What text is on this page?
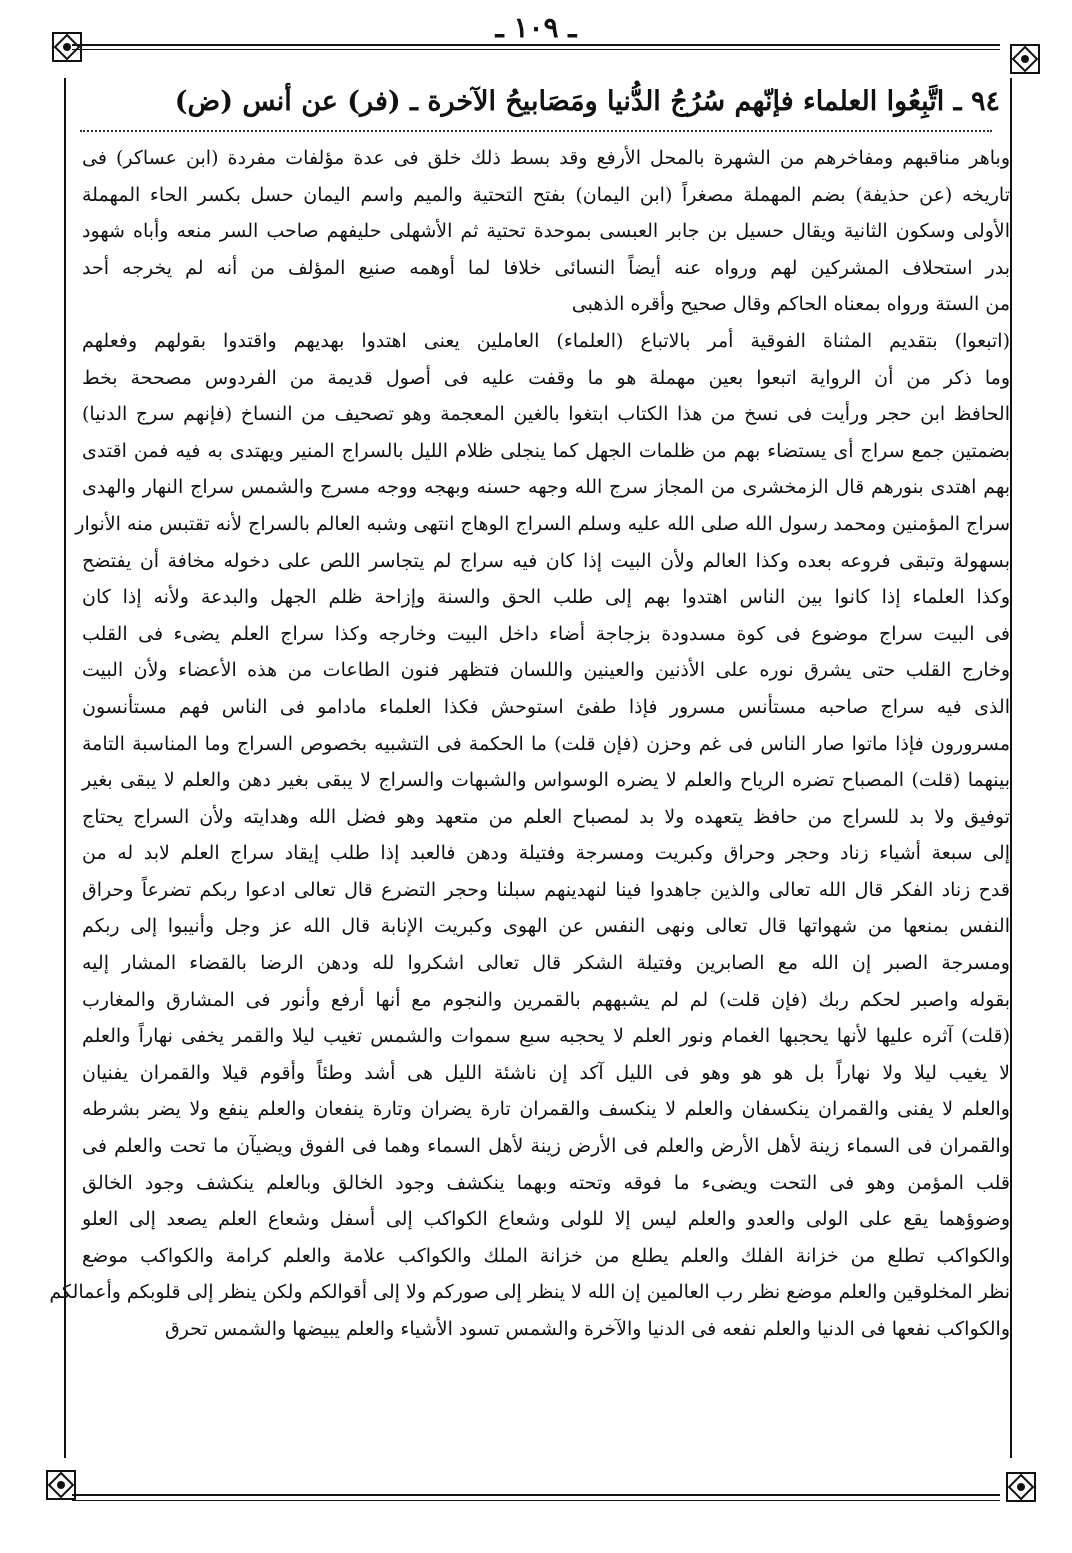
ـ ١٠٩ ـ
٩٤ ـ اتَّبِعُوا العلماء فإنّهم سُرُجُ الدُّنيا ومَصَابيحُ الآخرة ـ (فر) عن أنس (ض)
وباهر مناقبهم ومفاخرهم من الشهرة بالمحل الأرفع وقد بسط ذلك خلق فى عدة مؤلفات مفردة (ابن عساكر) فى
تاريخه (عن حذيفة) بضم المهملة مصغراً (ابن اليمان) بفتح التحتية والميم واسم اليمان حسل بكسر الحاء المهملة
الأولى وسكون الثانية ويقال حسيل بن جابر العبسى بموحدة تحتية ثم الأشهلى حليفهم صاحب السر منعه وأباه شهود
بدر استحلاف المشركين لهم ورواه عنه أيضاً النسائى خلافا لما أوهمه صنيع المؤلف من أنه لم يخرجه أحد
من الستة ورواه بمعناه الحاكم وقال صحيح وأقره الذهبى
(اتبعوا) بتقديم المثناة الفوقية أمر بالاتباع (العلماء) العاملين يعنى اهتدوا بهديهم واقتدوا بقولهم وفعلهم
وما ذكر من أن الرواية اتبعوا بعين مهملة هو ما وقفت عليه فى أصول قديمة من الفردوس مصححة بخط
الحافظ ابن حجر ورأيت فى نسخ من هذا الكتاب ابتغوا بالغين المعجمة وهو تصحيف من النساخ (فإنهم سرج الدنيا)
بضمتين جمع سراج أى يستضاء بهم من ظلمات الجهل كما ينجلى ظلام الليل بالسراج المنير ويهتدى به فيه فمن اقتدى
بهم اهتدى بنورهم قال الزمخشرى من المجاز سرج الله وجهه حسنه وبهجه ووجه مسرج والشمس سراج النهار والهدى
سراج المؤمنين ومحمد رسول الله صلى الله عليه وسلم السراج الوهاج انتهى وشبه العالم بالسراج لأنه تقتبس منه الأنوار
بسهولة وتبقى فروعه بعده وكذا العالم ولأن البيت إذا كان فيه سراج لم يتجاسر اللص على دخوله مخافة أن يفتضح
وكذا العلماء إذا كانوا بين الناس اهتدوا بهم إلى طلب الحق والسنة وإزاحة ظلم الجهل والبدعة ولأنه إذا كان
فى البيت سراج موضوع فى كوة مسدودة بزجاجة أضاء داخل البيت وخارجه وكذا سراج العلم يضىء فى القلب
وخارج القلب حتى يشرق نوره على الأذنين والعينين واللسان فتظهر فنون الطاعات من هذه الأعضاء ولأن البيت
الذى فيه سراج صاحبه مستأنس مسرور فإذا طفئ استوحش فكذا العلماء مادامو فى الناس فهم مستأنسون
مسرورون فإذا ماتوا صار الناس فى غم وحزن (فإن قلت) ما الحكمة فى التشبيه بخصوص السراج وما المناسبة التامة
بينهما (قلت) المصباح تضره الرياح والعلم لا يضره الوسواس والشبهات والسراج لا يبقى بغير دهن والعلم لا يبقى بغير
توفيق ولا بد للسراج من حافظ يتعهده ولا بد لمصباح العلم من متعهد وهو فضل الله وهدايته ولأن السراج يحتاج
إلى سبعة أشياء زناد وحجر وحراق وكبريت ومسرجة وفتيلة ودهن فالعبد إذا طلب إيقاد سراج العلم لابد له من
قدح زناد الفكر قال الله تعالى والذين جاهدوا فينا لنهدينهم سبلنا وحجر التضرع قال تعالى ادعوا ربكم تضرعاً وحراق
النفس بمنعها من شهواتها قال تعالى ونهى النفس عن الهوى وكبريت الإنابة قال الله عز وجل وأنيبوا إلى ربكم
ومسرجة الصبر إن الله مع الصابرين وفتيلة الشكر قال تعالى اشكروا لله ودهن الرضا بالقضاء المشار إليه
بقوله واصبر لحكم ربك (فإن قلت) لم لم يشبههم بالقمرين والنجوم مع أنها أرفع وأنور فى المشارق والمغارب
(قلت) آثره عليها لأنها يحجبها الغمام ونور العلم لا يحجبه سبع سموات والشمس تغيب ليلا والقمر يخفى نهاراً والعلم
لا يغيب ليلا ولا نهاراً بل هو هو وهو فى الليل آكد إن ناشئة الليل هى أشد وطئاً وأقوم قيلا والقمران يفنيان
والعلم لا يفنى والقمران ينكسفان والعلم لا ينكسف والقمران تارة يضران وتارة ينفعان والعلم ينفع ولا يضر بشرطه
والقمران فى السماء زينة لأهل الأرض والعلم فى الأرض زينة لأهل السماء وهما فى الفوق ويضيآن ما تحت والعلم فى
قلب المؤمن وهو فى التحت ويضىء ما فوقه وتحته وبهما ينكشف وجود الخالق وبالعلم ينكشف وجود الخالق
وضوؤهما يقع على الولى والعدو والعلم ليس إلا للولى وشعاع الكواكب إلى أسفل وشعاع العلم يصعد إلى العلو
والكواكب تطلع من خزانة الفلك والعلم يطلع من خزانة الملك والكواكب علامة والعلم كرامة والكواكب موضع
نظر المخلوقين والعلم موضع نظر رب العالمين إن الله لا ينظر إلى صوركم ولا إلى أقوالكم ولكن ينظر إلى قلوبكم وأعمالكم
والكواكب نفعها فى الدنيا والعلم نفعه فى الدنيا والآخرة والشمس تسود الأشياء والعلم يبيضها والشمس تحرق
